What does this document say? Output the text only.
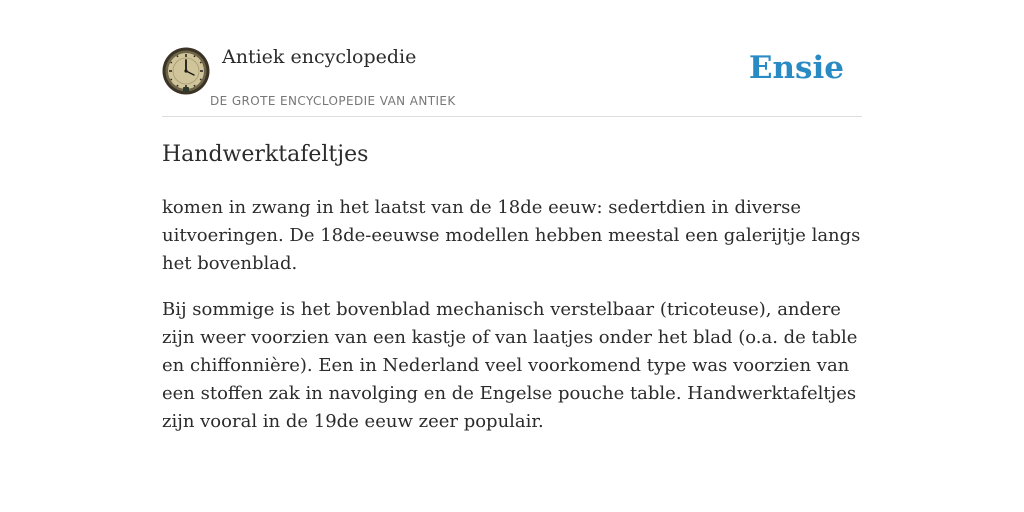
Antiek encyclopedie
DE GROTE ENCYCLOPEDIE VAN ANTIEK
Ensie
Handwerktafeltjes

komen in zwang in het laatst van de 18de eeuw: sedertdien in diverse uitvoeringen. De 18de-eeuwse modellen hebben meestal een galerijtje langs het bovenblad.

Bij sommige is het bovenblad mechanisch verstelbaar (tricoteuse), andere zijn weer voorzien van een kastje of van laatjes onder het blad (o.a. de table en chiffonnière). Een in Nederland veel voorkomend type was voorzien van een stoffen zak in navolging en de Engelse pouche table. Handwerktafeltjes zijn vooral in de 19de eeuw zeer populair.
